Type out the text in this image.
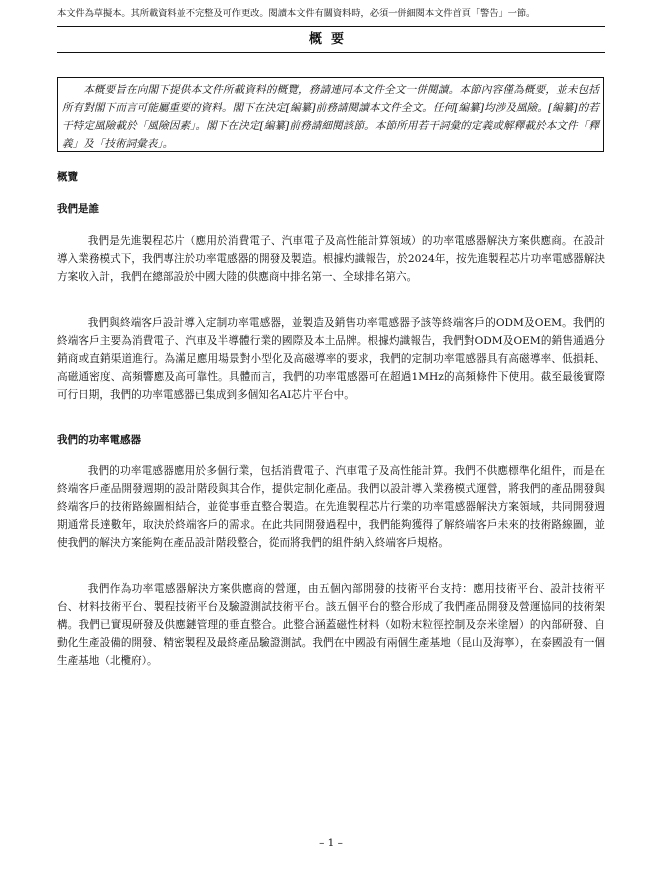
本文件為草擬本。其所載資料並不完整及可作更改。閱讀本文件有關資料時，必須一併細閱本文件首頁「警告」一節。
概要

本概要旨在向閣下提供本文件所載資料的概覽，務請連同本文件全文一併閱讀。本節內容僅為概要，並未包括所有對閣下而言可能屬重要的資料。閣下在決定[編纂]前務請閱讀本文件全文。任何[編纂]均涉及風險。[編纂]的若干特定風險載於「風險因素」。閣下在決定[編纂]前務請細閱該節。本節所用若干詞彙的定義或解釋載於本文件「釋義」及「技術詞彙表」。

概覽
我們是誰

我們是先進製程芯片（應用於消費電子、汽車電子及高性能計算領域）的功率電感器解決方案供應商。在設計導入業務模式下，我們專注於功率電感器的開發及製造。根據灼識報告，於2024年，按先進製程芯片功率電感器解決方案收入計，我們在總部設於中國大陸的供應商中排名第一、全球排名第六。

我們與終端客戶設計導入定制功率電感器，並製造及銷售功率電感器予該等終端客戶的ODM及OEM。我們的終端客戶主要為消費電子、汽車及半導體行業的國際及本土品牌。根據灼識報告，我們對ODM及OEM的銷售通過分銷商或直銷渠道進行。為滿足應用場景對小型化及高磁導率的要求，我們的定制功率電感器具有高磁導率、低損耗、高磁通密度、高頻響應及高可靠性。具體而言，我們的功率電感器可在超過1MHz的高頻條件下使用。截至最後實際可行日期，我們的功率電感器已集成到多個知名AI芯片平台中。

我們的功率電感器

我們的功率電感器應用於多個行業，包括消費電子、汽車電子及高性能計算。我們不供應標準化組件，而是在終端客戶產品開發週期的設計階段與其合作，提供定制化產品。我們以設計導入業務模式運營，將我們的產品開發與終端客戶的技術路線圖相結合，並從事垂直整合製造。在先進製程芯片行業的功率電感器解決方案領域，共同開發週期通常長達數年，取決於終端客戶的需求。在此共同開發過程中，我們能夠獲得了解終端客戶未來的技術路線圖，並使我們的解決方案能夠在產品設計階段整合，從而將我們的組件納入終端客戶規格。

我們作為功率電感器解決方案供應商的營運，由五個內部開發的技術平台支持：應用技術平台、設計技術平台、材料技術平台、製程技術平台及驗證測試技術平台。該五個平台的整合形成了我們產品開發及營運協同的技術架構。我們已實現研發及供應鏈管理的垂直整合。此整合涵蓋磁性材料（如粉末粒徑控制及奈米塗層）的內部研發、自動化生產設備的開發、精密製程及最終產品驗證測試。我們在中國設有兩個生產基地（昆山及海寧），在泰國設有一個生產基地（北欖府）。

– 1 –
